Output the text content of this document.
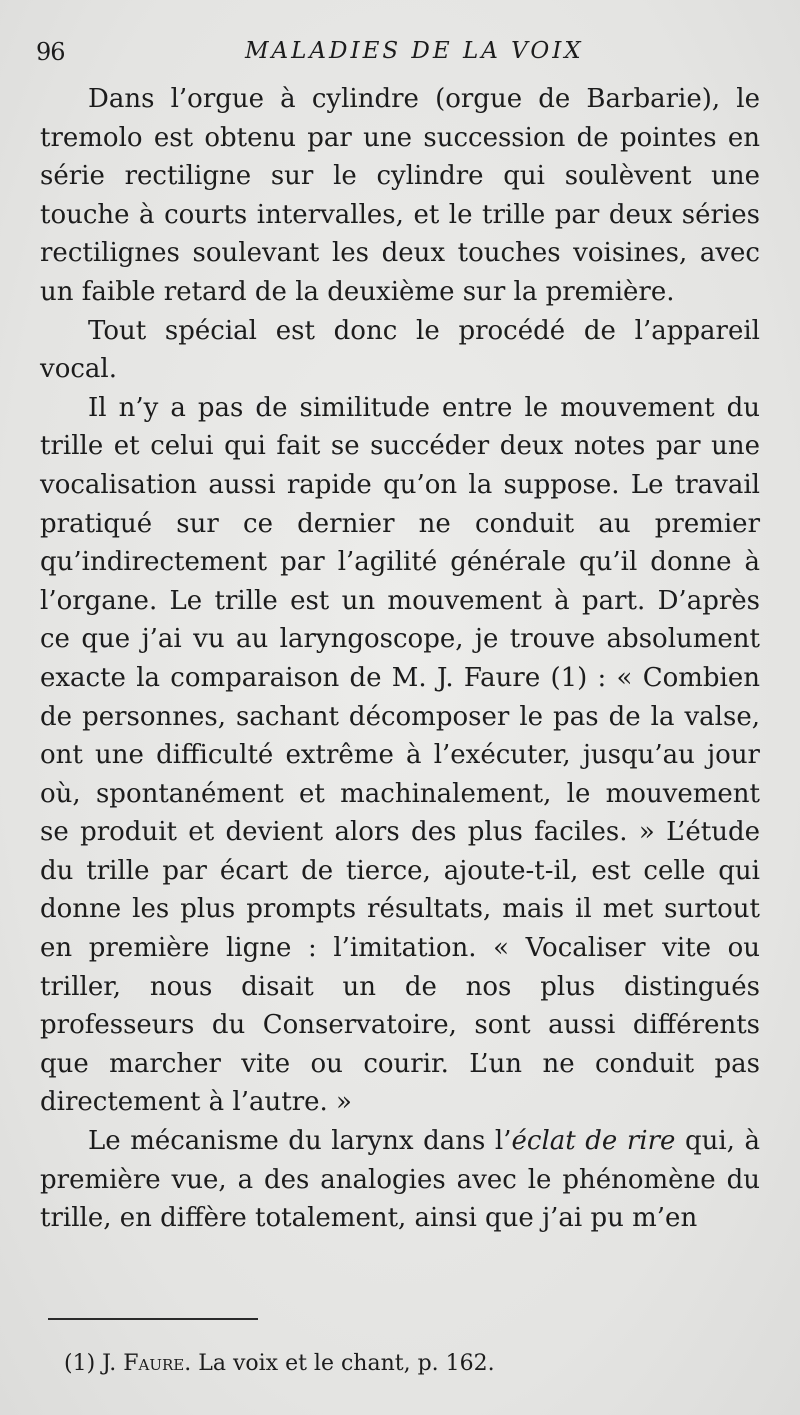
96	MALADIES DE LA VOIX

Dans l’orgue à cylindre (orgue de Barbarie), le tremolo est obtenu par une succession de pointes en série rectiligne sur le cylindre qui soulèvent une touche à courts intervalles, et le trille par deux séries rectilignes soulevant les deux touches voisines, avec un faible retard de la deuxième sur la première.

Tout spécial est donc le procédé de l’appareil vocal.

Il n’y a pas de similitude entre le mouvement du trille et celui qui fait se succéder deux notes par une vocalisation aussi rapide qu’on la suppose. Le travail pratiqué sur ce dernier ne conduit au premier qu’indirectement par l’agilité générale qu’il donne à l’organe. Le trille est un mouvement à part. D’après ce que j’ai vu au laryngoscope, je trouve absolument exacte la comparaison de M. J. Faure (1) : « Combien de personnes, sachant décomposer le pas de la valse, ont une difficulté extrême à l’exécuter, jusqu’au jour où, spontanément et machinalement, le mouvement se produit et devient alors des plus faciles. » L’étude du trille par écart de tierce, ajoute-t-il, est celle qui donne les plus prompts résultats, mais il met surtout en première ligne : l’imitation. « Vocaliser vite ou triller, nous disait un de nos plus distingués professeurs du Conservatoire, sont aussi différents que marcher vite ou courir. L’un ne conduit pas directement à l’autre. »

Le mécanisme du larynx dans l’éclat de rire qui, à première vue, a des analogies avec le phénomène du trille, en diffère totalement, ainsi que j’ai pu m’en

(1) J. Faure. La voix et le chant, p. 162.
